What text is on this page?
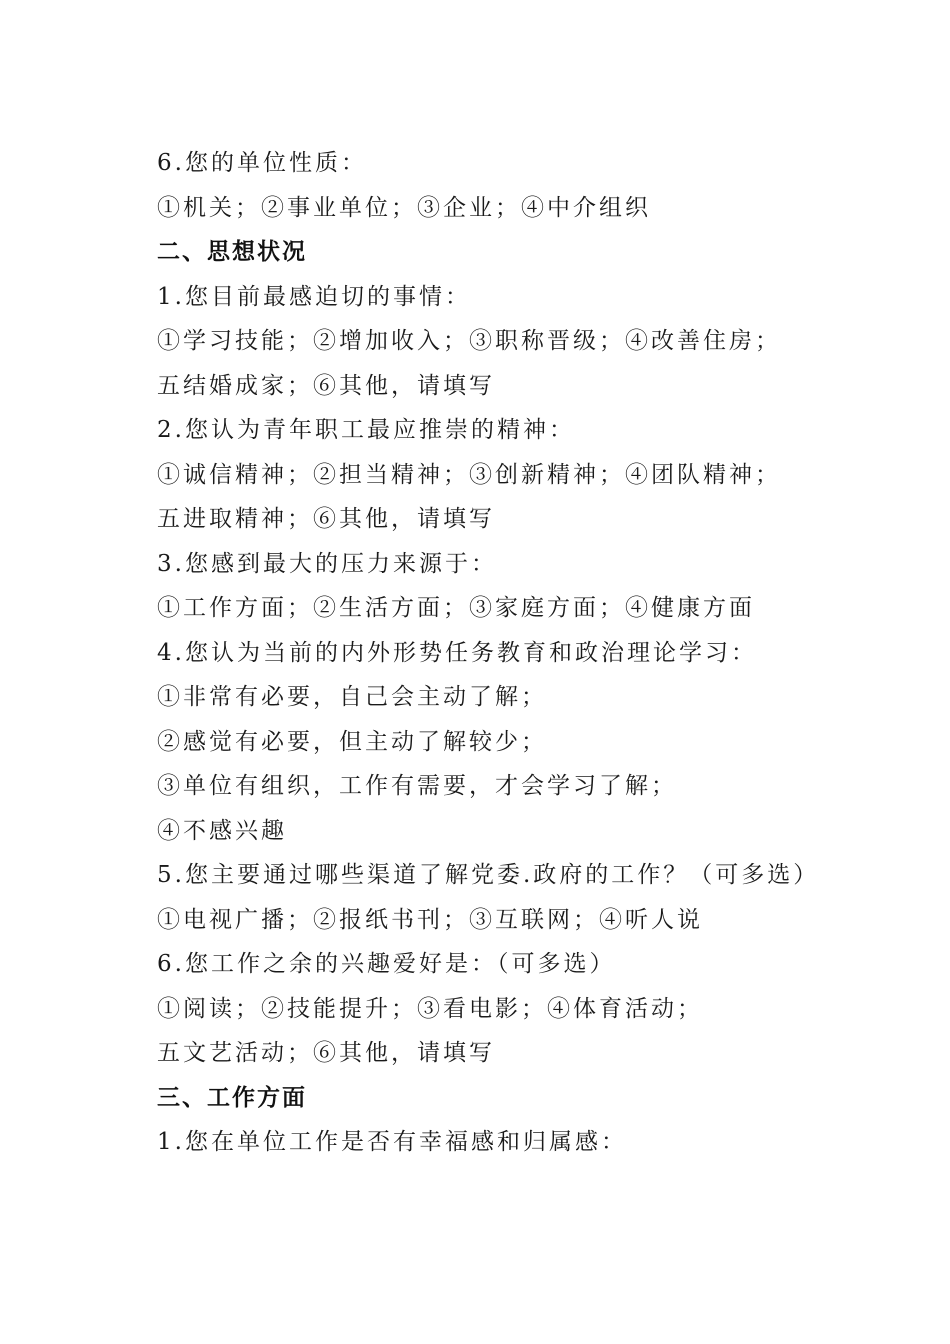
6.您的单位性质：
①机关；②事业单位；③企业；④中介组织
二、思想状况
1.您目前最感迫切的事情：
①学习技能；②增加收入；③职称晋级；④改善住房；
五结婚成家；⑥其他，请填写
2.您认为青年职工最应推崇的精神：
①诚信精神；②担当精神；③创新精神；④团队精神；
五进取精神；⑥其他，请填写
3.您感到最大的压力来源于：
①工作方面；②生活方面；③家庭方面；④健康方面
4.您认为当前的内外形势任务教育和政治理论学习：
①非常有必要，自己会主动了解；
②感觉有必要，但主动了解较少；
③单位有组织，工作有需要，才会学习了解；
④不感兴趣
5.您主要通过哪些渠道了解党委.政府的工作？（可多选）
①电视广播；②报纸书刊；③互联网；④听人说
6.您工作之余的兴趣爱好是：（可多选）
①阅读；②技能提升；③看电影；④体育活动；
五文艺活动；⑥其他，请填写
三、工作方面
1.您在单位工作是否有幸福感和归属感：
